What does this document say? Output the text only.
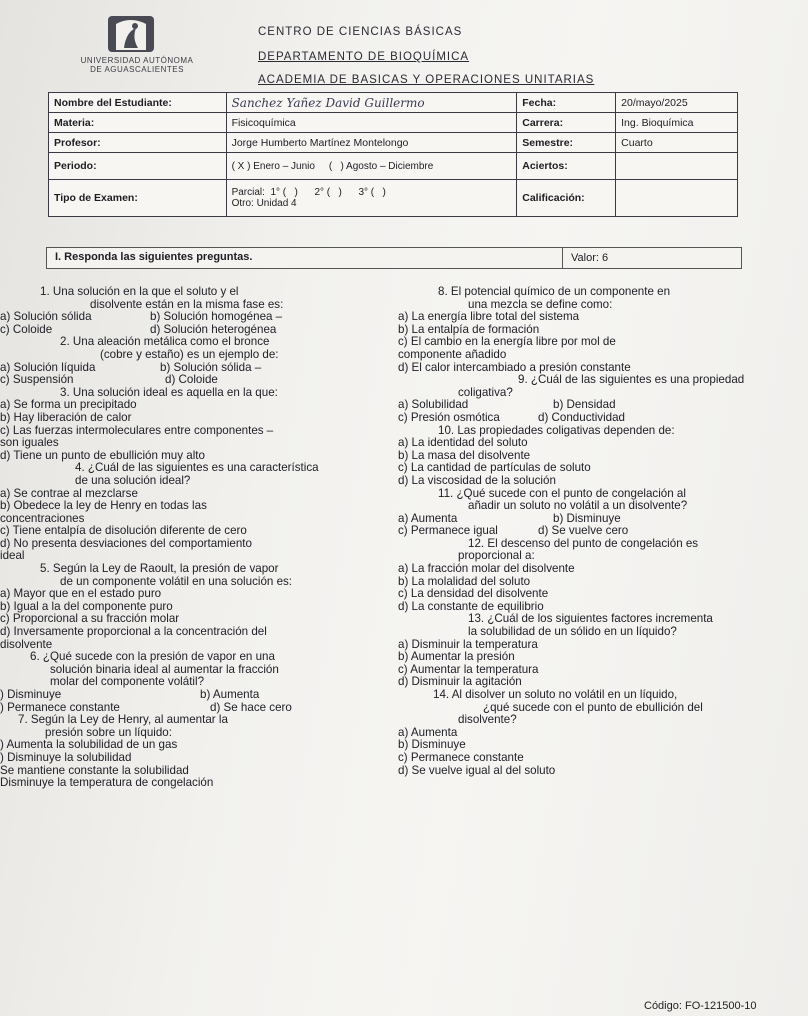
UNIVERSIDAD AUTÓNOMA
DE AGUASCALIENTES
CENTRO DE CIENCIAS BÁSICAS
DEPARTAMENTO DE BIOQUÍMICA
ACADEMIA DE BASICAS Y OPERACIONES UNITARIAS
Nombre del Estudiante:	Sanchez Yañez David Guillermo	Fecha:	20/mayo/2025
Materia:	Fisicoquímica	Carrera:	Ing. Bioquímica
Profesor:	Jorge Humberto Martínez Montelongo	Semestre:	Cuarto
Periodo:	( X ) Enero – Junio     (   ) Agosto – Diciembre	Aciertos:	
Tipo de Examen:	Parcial:  1° (   )      2° (   )      3° (   )
Otro: Unidad 4	Calificación:	
I. Responda las siguientes preguntas.	Valor: 6
1. Una solución en la que el soluto y el
disolvente están en la misma fase es:
a) Solución sólida	b) Solución homogénea –
c) Coloide	d) Solución heterogénea
2. Una aleación metálica como el bronce
(cobre y estaño) es un ejemplo de:
a) Solución líquida	b) Solución sólida –
c) Suspensión	d) Coloide
3. Una solución ideal es aquella en la que:
a) Se forma un precipitado
b) Hay liberación de calor
c) Las fuerzas intermoleculares entre componentes –
son iguales
d) Tiene un punto de ebullición muy alto
4. ¿Cuál de las siguientes es una característica
de una solución ideal?
a) Se contrae al mezclarse
b) Obedece la ley de Henry en todas las
concentraciones
c) Tiene entalpía de disolución diferente de cero
d) No presenta desviaciones del comportamiento
ideal
5. Según la Ley de Raoult, la presión de vapor
de un componente volátil en una solución es:
a) Mayor que en el estado puro
b) Igual a la del componente puro
c) Proporcional a su fracción molar
d) Inversamente proporcional a la concentración del
disolvente
6. ¿Qué sucede con la presión de vapor en una
solución binaria ideal al aumentar la fracción
molar del componente volátil?
) Disminuye	b) Aumenta
) Permanece constante	d) Se hace cero
7. Según la Ley de Henry, al aumentar la
presión sobre un líquido:
) Aumenta la solubilidad de un gas
) Disminuye la solubilidad
Se mantiene constante la solubilidad
Disminuye la temperatura de congelación
8. El potencial químico de un componente en
una mezcla se define como:
a) La energía libre total del sistema
b) La entalpía de formación
c) El cambio en la energía libre por mol de
componente añadido
d) El calor intercambiado a presión constante
9. ¿Cuál de las siguientes es una propiedad
coligativa?
a) Solubilidad	b) Densidad
c) Presión osmótica	d) Conductividad
10. Las propiedades coligativas dependen de:
a) La identidad del soluto
b) La masa del disolvente
c) La cantidad de partículas de soluto
d) La viscosidad de la solución
11. ¿Qué sucede con el punto de congelación al
añadir un soluto no volátil a un disolvente?
a) Aumenta	b) Disminuye
c) Permanece igual	d) Se vuelve cero
12. El descenso del punto de congelación es
proporcional a:
a) La fracción molar del disolvente
b) La molalidad del soluto
c) La densidad del disolvente
d) La constante de equilibrio
13. ¿Cuál de los siguientes factores incrementa
la solubilidad de un sólido en un líquido?
a) Disminuir la temperatura
b) Aumentar la presión
c) Aumentar la temperatura
d) Disminuir la agitación
14. Al disolver un soluto no volátil en un líquido,
¿qué sucede con el punto de ebullición del
disolvente?
a) Aumenta
b) Disminuye
c) Permanece constante
d) Se vuelve igual al del soluto
Código: FO-121500-10
